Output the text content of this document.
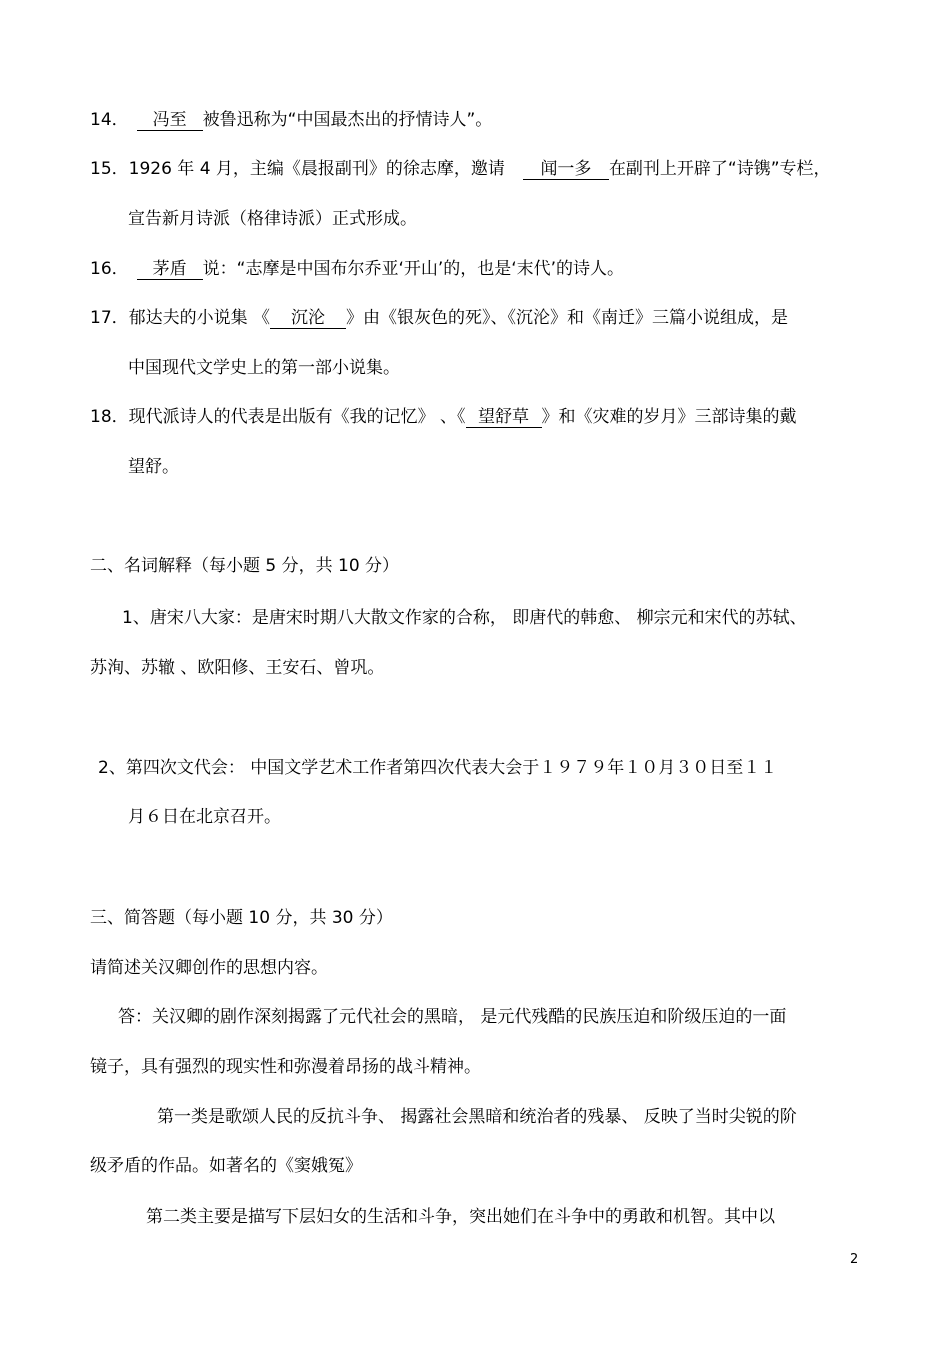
14． 冯至 被鲁迅称为“中国最杰出的抒情诗人”。
15．1926 年 4 月，主编《晨报副刊》的徐志摩，邀请 闻一多 在副刊上开辟了“诗镌”专栏，
宣告新月诗派（格律诗派）正式形成。
16． 茅盾 说：“志摩是中国布尔乔亚‘开山’的，也是‘末代’的诗人。
17．郁达夫的小说集 《 沉沦 》由《银灰色的死》、《沉沦》和《南迁》三篇小说组成，是
中国现代文学史上的第一部小说集。
18．现代派诗人的代表是出版有《我的记忆》 、《 望舒草 》和《灾难的岁月》三部诗集的戴
望舒。
二、名词解释（每小题 5 分，共 10 分）
1、唐宋八大家：是唐宋时期八大散文作家的合称， 即唐代的韩愈、 柳宗元和宋代的苏轼、
苏洵、苏辙 、欧阳修、王安石、曾巩。
2、第四次文代会： 中国文学艺术工作者第四次代表大会于１９７９年１０月３０日至１１
月６日在北京召开。
三、简答题（每小题 10 分，共 30 分）
请简述关汉卿创作的思想内容。
答：关汉卿的剧作深刻揭露了元代社会的黑暗， 是元代残酷的民族压迫和阶级压迫的一面
镜子，具有强烈的现实性和弥漫着昂扬的战斗精神。
第一类是歌颂人民的反抗斗争、 揭露社会黑暗和统治者的残暴、 反映了当时尖锐的阶
级矛盾的作品。如著名的《窦娥冤》
第二类主要是描写下层妇女的生活和斗争，突出她们在斗争中的勇敢和机智。其中以
2
